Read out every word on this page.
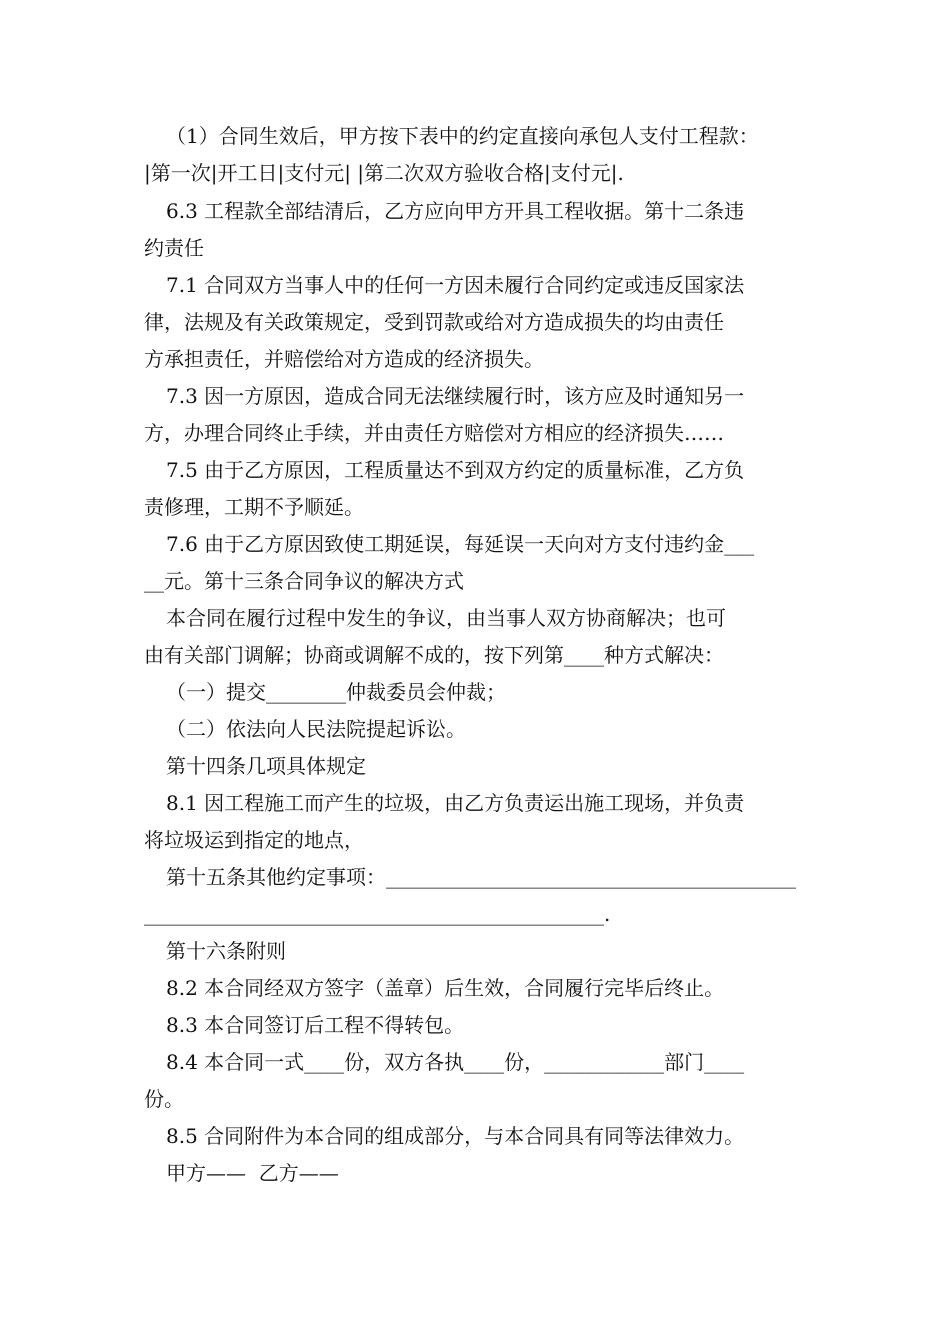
（1）合同生效后，甲方按下表中的约定直接向承包人支付工程款：
|第一次|开工日|支付元| |第二次双方验收合格|支付元|.
6.3 工程款全部结清后，乙方应向甲方开具工程收据。第十二条违
约责任
7.1 合同双方当事人中的任何一方因未履行合同约定或违反国家法
律，法规及有关政策规定，受到罚款或给对方造成损失的均由责任
方承担责任，并赔偿给对方造成的经济损失。
7.3 因一方原因，造成合同无法继续履行时，该方应及时通知另一
方，办理合同终止手续，并由责任方赔偿对方相应的经济损失……
7.5 由于乙方原因，工程质量达不到双方约定的质量标准，乙方负
责修理，工期不予顺延。
7.6 由于乙方原因致使工期延误，每延误一天向对方支付违约金___
__元。第十三条合同争议的解决方式
本合同在履行过程中发生的争议，由当事人双方协商解决；也可
由有关部门调解；协商或调解不成的，按下列第____种方式解决：
（一）提交________仲裁委员会仲裁；
（二）依法向人民法院提起诉讼。
第十四条几项具体规定
8.1 因工程施工而产生的垃圾，由乙方负责运出施工现场，并负责
将垃圾运到指定的地点，
第十五条其他约定事项：_________________________________________
______________________________________________.
第十六条附则
8.2 本合同经双方签字（盖章）后生效，合同履行完毕后终止。
8.3 本合同签订后工程不得转包。
8.4 本合同一式____份，双方各执____份，____________部门____
份。
8.5 合同附件为本合同的组成部分，与本合同具有同等法律效力。
甲方——  乙方——
